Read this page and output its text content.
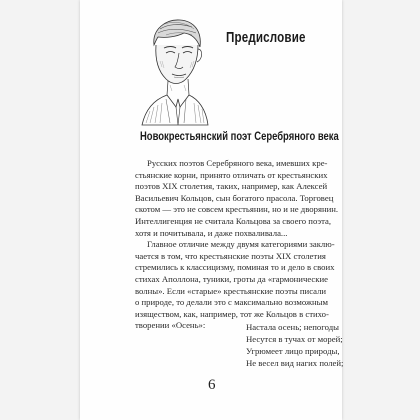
Предисловие
Новокрестьянский поэт Серебряного века

Русских поэтов Серебряного века, имевших кре-
стьянские корни, принято отличать от крестьянских
поэтов XIX столетия, таких, например, как Алексей
Васильевич Кольцов, сын богатого прасола. Торговец
скотом — это не совсем крестьянин, но и не дворянин.
Интеллигенция не считала Кольцова за своего поэта,
хотя и почитывала, и даже похваливала...

Главное отличие между двумя категориями заклю-
чается в том, что крестьянские поэты XIX столетия
стремились к классицизму, поминая то и дело в своих
стихах Аполлона, туники, гроты да «гармонические
волны». Если «старые» крестьянские поэты писали
о природе, то делали это с максимально возможным
изяществом, как, например, тот же Кольцов в стихо-
творении «Осень»:	Настала осень; непогоды
Несутся в тучах от морей;
Угрюмеет лицо природы,
Не весел вид нагих полей;

6
